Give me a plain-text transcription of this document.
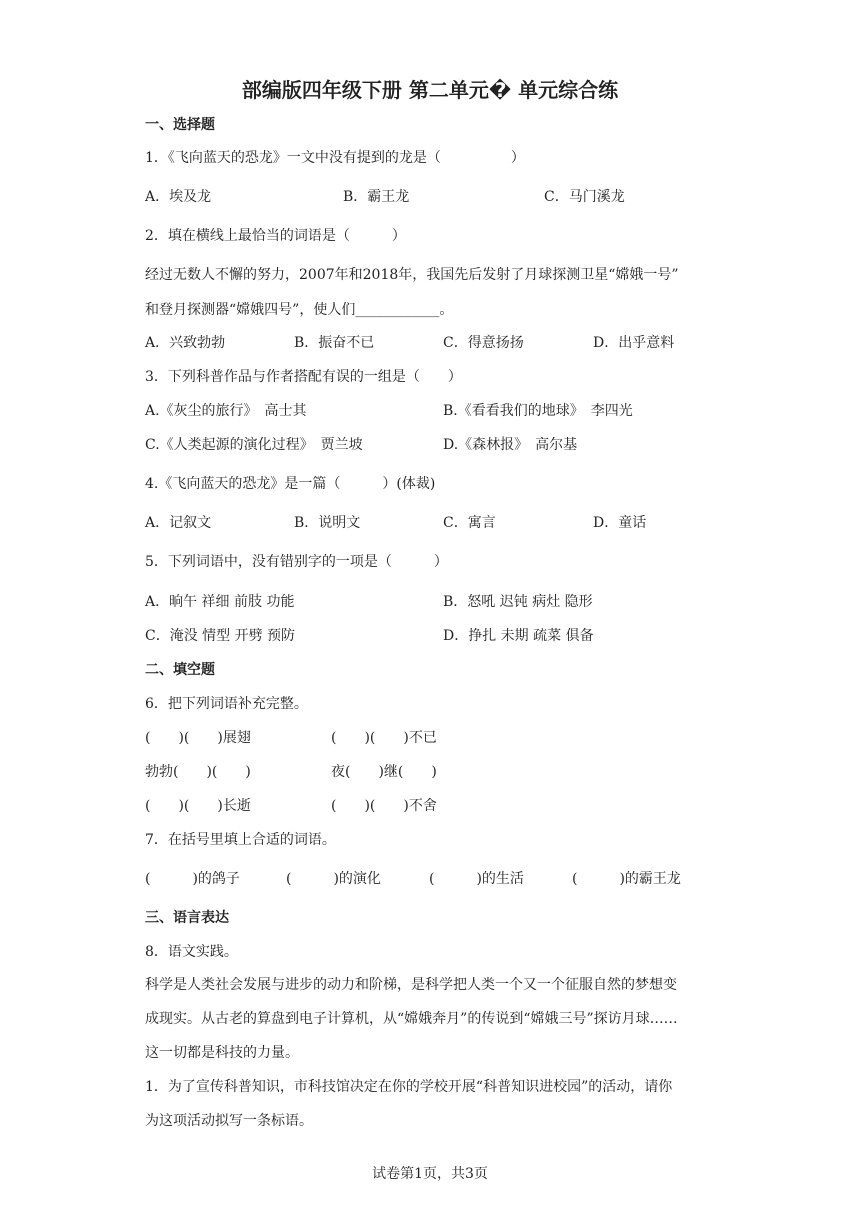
部编版四年级下册 第二单元� 单元综合练
一、选择题
1．《飞向蓝天的恐龙》一文中没有提到的龙是（　　　　　）
A．埃及龙	B．霸王龙	C．马门溪龙
2．填在横线上最恰当的词语是（　　　）
经过无数人不懈的努力，2007年和2018年，我国先后发射了月球探测卫星“嫦娥一号”
和登月探测器“嫦娥四号”，使人们____________。
A．兴致勃勃	B．振奋不已	C．得意扬扬	D．出乎意料
3．下列科普作品与作者搭配有误的一组是（　　）
A.《灰尘的旅行》　高士其	B.《看看我们的地球》　李四光
C.《人类起源的演化过程》　贾兰坡	D.《森林报》　高尔基
4.《飞向蓝天的恐龙》是一篇（　　　）(体裁)
A．记叙文	B．说明文	C．寓言	D．童话
5．下列词语中，没有错别字的一项是（　　　）
A．晌午 祥细 前肢 功能	B．怒吼 迟钝 病灶 隐形
C．淹没 情型 开劈 预防	D．挣扎 未期 疏菜 俱备
二、填空题
6．把下列词语补充完整。
(　　)(　　)展翅	(　　)(　　)不已
勃勃(　　)(　　)	夜(　　)继(　　)
(　　)(　　)长逝	(　　)(　　)不舍
7．在括号里填上合适的词语。
(　　　)的鸽子	(　　　)的演化	(　　　)的生活	(　　　)的霸王龙
三、语言表达
8．语文实践。
科学是人类社会发展与进步的动力和阶梯，是科学把人类一个又一个征服自然的梦想变
成现实。从古老的算盘到电子计算机，从“嫦娥奔月”的传说到“嫦娥三号”探访月球……
这一切都是科技的力量。
1．为了宣传科普知识，市科技馆决定在你的学校开展“科普知识进校园”的活动，请你
为这项活动拟写一条标语。
试卷第1页，共3页
